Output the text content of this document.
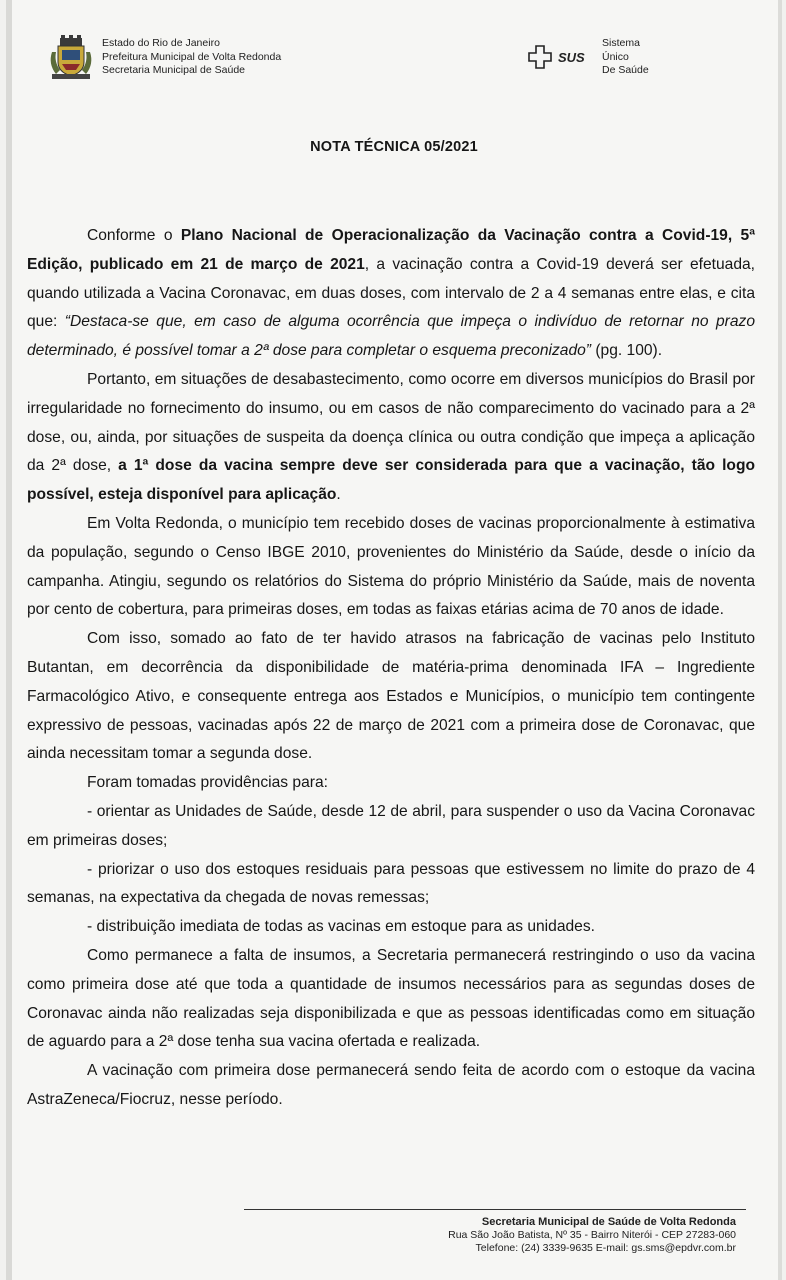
Estado do Rio de Janeiro
Prefeitura Municipal de Volta Redonda
Secretaria Municipal de Saúde
SUS
Sistema
Único
De Saúde
NOTA TÉCNICA 05/2021

Conforme o Plano Nacional de Operacionalização da Vacinação contra a Covid-19, 5ª Edição, publicado em 21 de março de 2021, a vacinação contra a Covid-19 deverá ser efetuada, quando utilizada a Vacina Coronavac, em duas doses, com intervalo de 2 a 4 semanas entre elas, e cita que: “Destaca-se que, em caso de alguma ocorrência que impeça o indivíduo de retornar no prazo determinado, é possível tomar a 2ª dose para completar o esquema preconizado” (pg. 100).

Portanto, em situações de desabastecimento, como ocorre em diversos municípios do Brasil por irregularidade no fornecimento do insumo, ou em casos de não comparecimento do vacinado para a 2ª dose, ou, ainda, por situações de suspeita da doença clínica ou outra condição que impeça a aplicação da 2ª dose, a 1ª dose da vacina sempre deve ser considerada para que a vacinação, tão logo possível, esteja disponível para aplicação.

Em Volta Redonda, o município tem recebido doses de vacinas proporcionalmente à estimativa da população, segundo o Censo IBGE 2010, provenientes do Ministério da Saúde, desde o início da campanha. Atingiu, segundo os relatórios do Sistema do próprio Ministério da Saúde, mais de noventa por cento de cobertura, para primeiras doses, em todas as faixas etárias acima de 70 anos de idade.

Com isso, somado ao fato de ter havido atrasos na fabricação de vacinas pelo Instituto Butantan, em decorrência da disponibilidade de matéria-prima denominada IFA – Ingrediente Farmacológico Ativo, e consequente entrega aos Estados e Municípios, o município tem contingente expressivo de pessoas, vacinadas após 22 de março de 2021 com a primeira dose de Coronavac, que ainda necessitam tomar a segunda dose.

Foram tomadas providências para:

- orientar as Unidades de Saúde, desde 12 de abril, para suspender o uso da Vacina Coronavac em primeiras doses;

- priorizar o uso dos estoques residuais para pessoas que estivessem no limite do prazo de 4 semanas, na expectativa da chegada de novas remessas;

- distribuição imediata de todas as vacinas em estoque para as unidades.

Como permanece a falta de insumos, a Secretaria permanecerá restringindo o uso da vacina como primeira dose até que toda a quantidade de insumos necessários para as segundas doses de Coronavac ainda não realizadas seja disponibilizada e que as pessoas identificadas como em situação de aguardo para a 2ª dose tenha sua vacina ofertada e realizada.

A vacinação com primeira dose permanecerá sendo feita de acordo com o estoque da vacina AstraZeneca/Fiocruz, nesse período.

Secretaria Municipal de Saúde de Volta Redonda
Rua São João Batista, Nº 35 - Bairro Niterói - CEP 27283-060
Telefone: (24) 3339-9635 E-mail: gs.sms@epdvr.com.br
